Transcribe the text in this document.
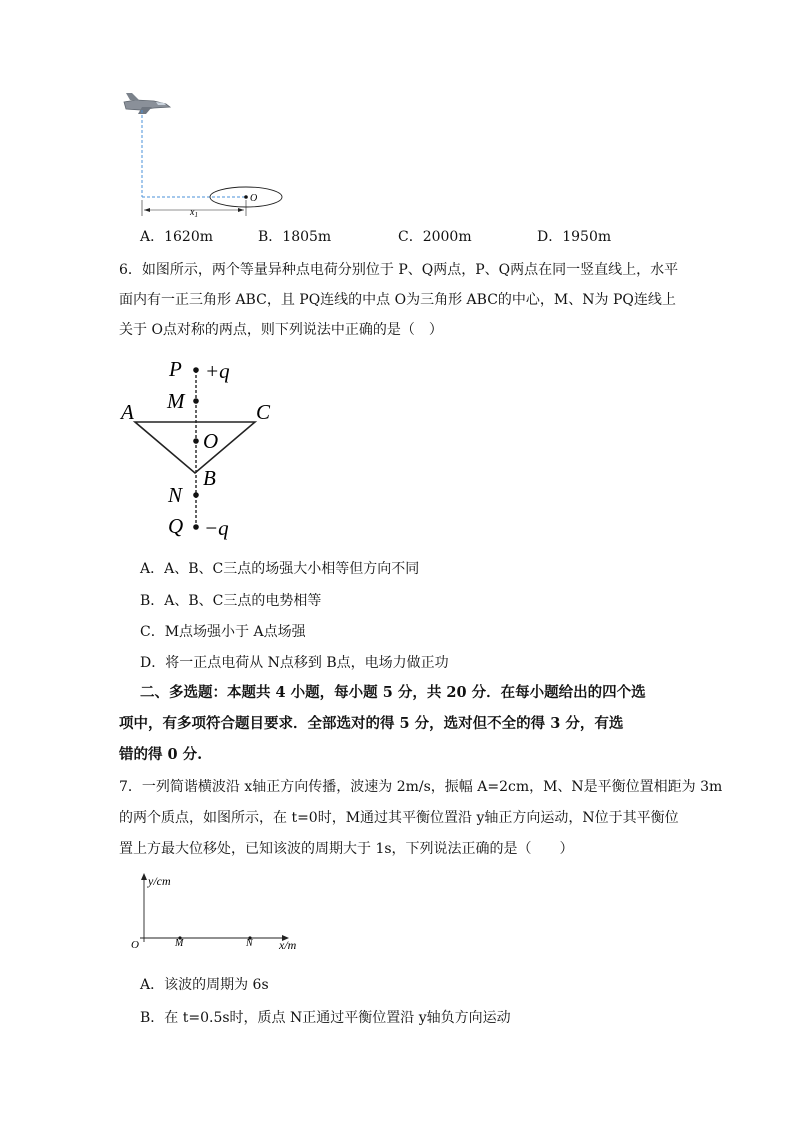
O
$x_1$
A．1620m	B．1805m	C．2000m	D．1950m
6．如图所示，两个等量异种点电荷分别位于 P、Q两点，P、Q两点在同一竖直线上，水平
面内有一正三角形 ABC，且 PQ连线的中点 O为三角形 ABC的中心，M、N为 PQ连线上
关于 O点对称的两点，则下列说法中正确的是（　）
P +q
M
A	C
O
B
N
Q −q
A．A、B、C三点的场强大小相等但方向不同
B．A、B、C三点的电势相等
C．M点场强小于 A点场强
D．将一正点电荷从 N点移到 B点，电场力做正功
二、多选题：本题共 4 小题，每小题 5 分，共 20 分．在每小题给出的四个选
项中，有多项符合题目要求．全部选对的得 5 分，选对但不全的得 3 分，有选
错的得 0 分.
7．一列简谐横波沿 x轴正方向传播，波速为 2m/s，振幅 A=2cm，M、N是平衡位置相距为 3m
的两个质点，如图所示，在 t=0时，M通过其平衡位置沿 y轴正方向运动，N位于其平衡位
置上方最大位移处，已知该波的周期大于 1s，下列说法正确的是（　　）
y/cm
x/m
O	M	N
A．该波的周期为 6s
B．在 t=0.5s时，质点 N正通过平衡位置沿 y轴负方向运动
